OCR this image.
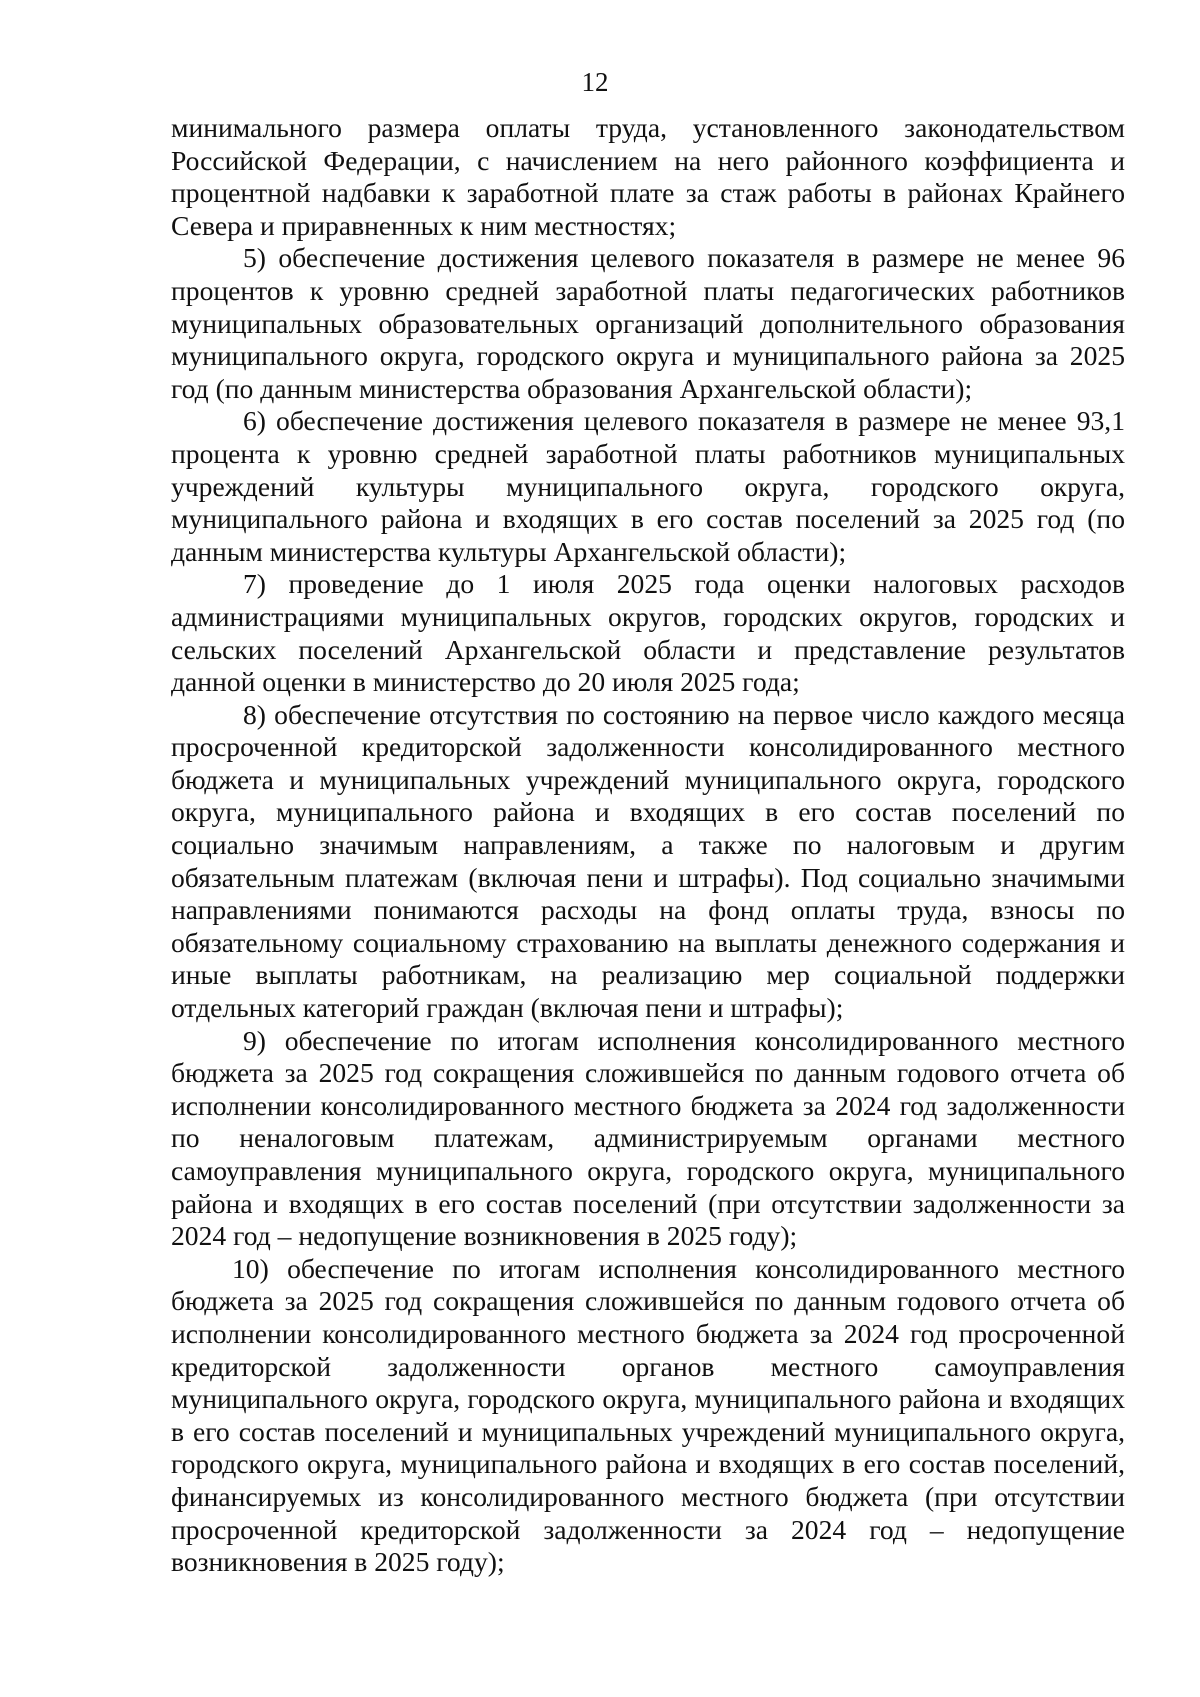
12

минимального размера оплаты труда, установленного законодательством Российской Федерации, с начислением на него районного коэффициента и процентной надбавки к заработной плате за стаж работы в районах Крайнего Севера и приравненных к ним местностях;

5) обеспечение достижения целевого показателя в размере не менее 96 процентов к уровню средней заработной платы педагогических работников муниципальных образовательных организаций дополнительного образования муниципального округа, городского округа и муниципального района за 2025 год (по данным министерства образования Архангельской области);

6) обеспечение достижения целевого показателя в размере не менее 93,1 процента к уровню средней заработной платы работников муниципальных учреждений культуры муниципального округа, городского округа, муниципального района и входящих в его состав поселений за 2025 год (по данным министерства культуры Архангельской области);

7) проведение до 1 июля 2025 года оценки налоговых расходов администрациями муниципальных округов, городских округов, городских и сельских поселений Архангельской области и представление результатов данной оценки в министерство до 20 июля 2025 года;

8) обеспечение отсутствия по состоянию на первое число каждого месяца просроченной кредиторской задолженности консолидированного местного бюджета и муниципальных учреждений муниципального округа, городского округа, муниципального района и входящих в его состав поселений по социально значимым направлениям, а также по налоговым и другим обязательным платежам (включая пени и штрафы). Под социально значимыми направлениями понимаются расходы на фонд оплаты труда, взносы по обязательному социальному страхованию на выплаты денежного содержания и иные выплаты работникам, на реализацию мер социальной поддержки отдельных категорий граждан (включая пени и штрафы);

9) обеспечение по итогам исполнения консолидированного местного бюджета за 2025 год сокращения сложившейся по данным годового отчета об исполнении консолидированного местного бюджета за 2024 год задолженности по неналоговым платежам, администрируемым органами местного самоуправления муниципального округа, городского округа, муниципального района и входящих в его состав поселений (при отсутствии задолженности за 2024 год – недопущение возникновения в 2025 году);

10) обеспечение по итогам исполнения консолидированного местного бюджета за 2025 год сокращения сложившейся по данным годового отчета об исполнении консолидированного местного бюджета за 2024 год просроченной кредиторской задолженности органов местного самоуправления муниципального округа, городского округа, муниципального района и входящих в его состав поселений и муниципальных учреждений муниципального округа, городского округа, муниципального района и входящих в его состав поселений, финансируемых из консолидированного местного бюджета (при отсутствии просроченной кредиторской задолженности за 2024 год – недопущение возникновения в 2025 году);
